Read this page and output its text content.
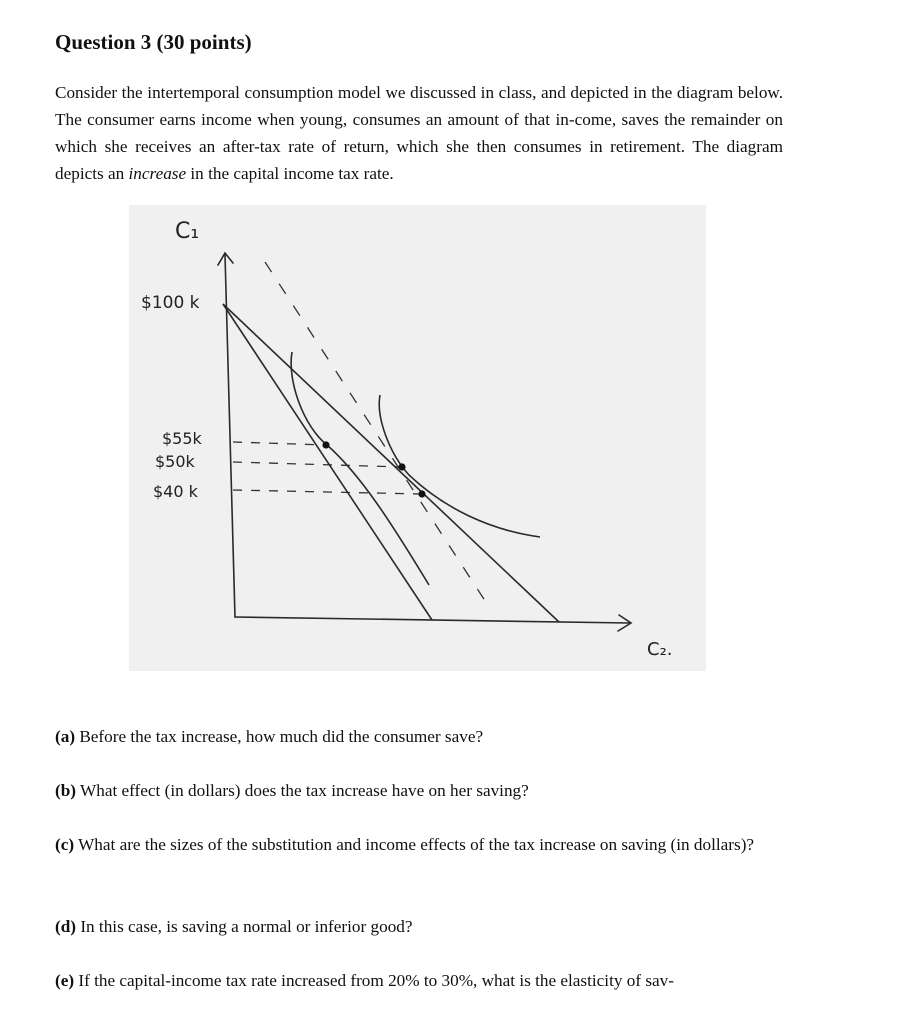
Question 3 (30 points)

Consider the intertemporal consumption model we discussed in class, and depicted in the diagram below. The consumer earns income when young, consumes an amount of that in-come, saves the remainder on which she receives an after-tax rate of return, which she then consumes in retirement. The diagram depicts an increase in the capital income tax rate.

C₁
C₂.
$100 k
$55k
$50k
$40 k

(a) Before the tax increase, how much did the consumer save?

(b) What effect (in dollars) does the tax increase have on her saving?

(c) What are the sizes of the substitution and income effects of the tax increase on saving (in dollars)?

(d) In this case, is saving a normal or inferior good?

(e) If the capital-income tax rate increased from 20% to 30%, what is the elasticity of sav-
